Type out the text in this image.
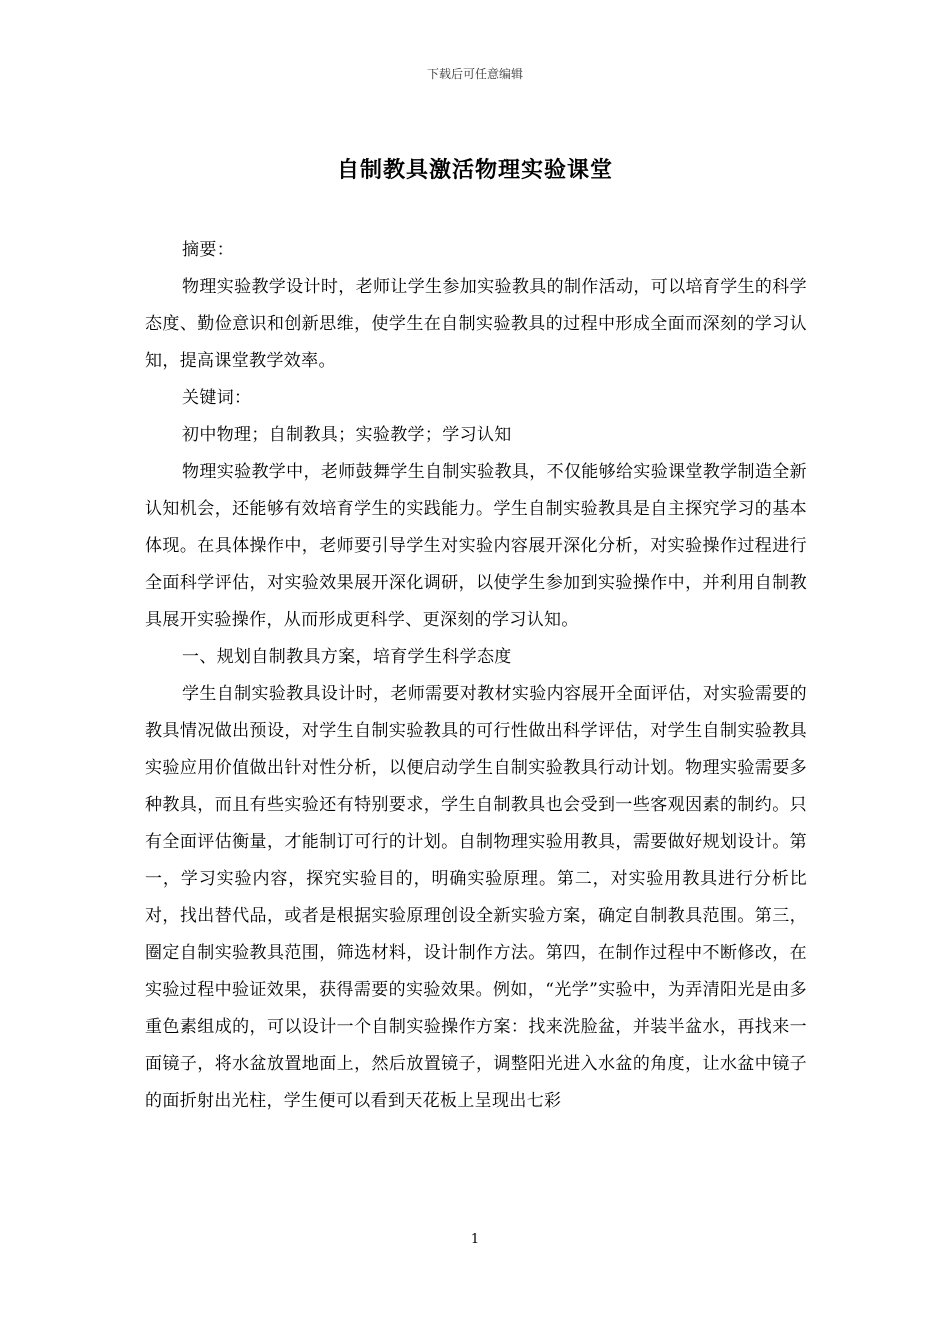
下载后可任意编辑
自制教具激活物理实验课堂

摘要：

物理实验教学设计时，老师让学生参加实验教具的制作活动，可以培育学生的科学态度、勤俭意识和创新思维，使学生在自制实验教具的过程中形成全面而深刻的学习认知，提高课堂教学效率。

关键词：

初中物理；自制教具；实验教学；学习认知

物理实验教学中，老师鼓舞学生自制实验教具，不仅能够给实验课堂教学制造全新认知机会，还能够有效培育学生的实践能力。学生自制实验教具是自主探究学习的基本体现。在具体操作中，老师要引导学生对实验内容展开深化分析，对实验操作过程进行全面科学评估，对实验效果展开深化调研，以使学生参加到实验操作中，并利用自制教具展开实验操作，从而形成更科学、更深刻的学习认知。

一、规划自制教具方案，培育学生科学态度

学生自制实验教具设计时，老师需要对教材实验内容展开全面评估，对实验需要的教具情况做出预设，对学生自制实验教具的可行性做出科学评估，对学生自制实验教具实验应用价值做出针对性分析，以便启动学生自制实验教具行动计划。物理实验需要多种教具，而且有些实验还有特别要求，学生自制教具也会受到一些客观因素的制约。只有全面评估衡量，才能制订可行的计划。自制物理实验用教具，需要做好规划设计。第一，学习实验内容，探究实验目的，明确实验原理。第二，对实验用教具进行分析比对，找出替代品，或者是根据实验原理创设全新实验方案，确定自制教具范围。第三，圈定自制实验教具范围，筛选材料，设计制作方法。第四，在制作过程中不断修改，在实验过程中验证效果，获得需要的实验效果。例如，“光学”实验中，为弄清阳光是由多重色素组成的，可以设计一个自制实验操作方案：找来洗脸盆，并装半盆水，再找来一面镜子，将水盆放置地面上，然后放置镜子，调整阳光进入水盆的角度，让水盆中镜子的面折射出光柱，学生便可以看到天花板上呈现出七彩

1
